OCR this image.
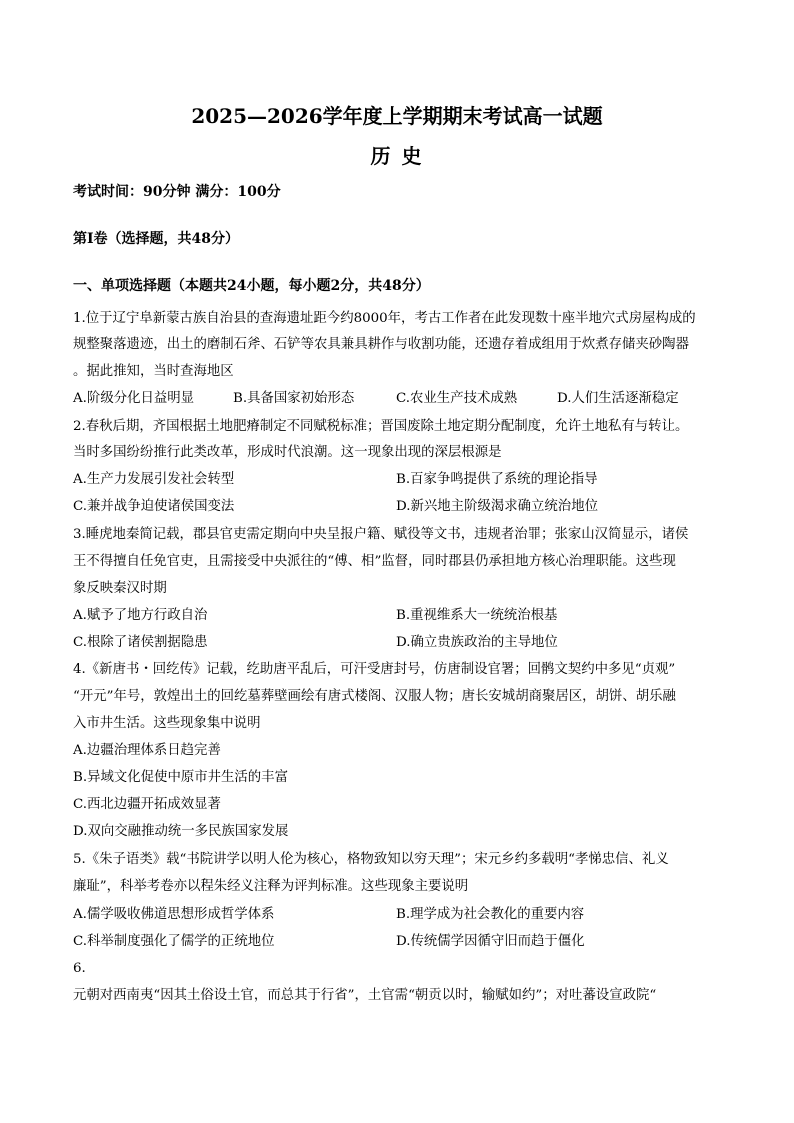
2025—2026学年度上学期期末考试高一试题
历 史
考试时间：90分钟 满分：100分
第Ⅰ卷（选择题，共48分）
一、单项选择题（本题共24小题，每小题2分，共48分）
1.位于辽宁阜新蒙古族自治县的查海遗址距今约8000年，考古工作者在此发现数十座半地穴式房屋构成的
规整聚落遗迹，出土的磨制石斧、石铲等农具兼具耕作与收割功能，还遗存着成组用于炊煮存储夹砂陶器
。据此推知，当时查海地区
A.阶级分化日益明显	B.具备国家初始形态	C.农业生产技术成熟	D.人们生活逐渐稳定
2.春秋后期，齐国根据土地肥瘠制定不同赋税标准；晋国废除土地定期分配制度，允许土地私有与转让。
当时多国纷纷推行此类改革，形成时代浪潮。这一现象出现的深层根源是
A.生产力发展引发社会转型	B.百家争鸣提供了系统的理论指导
C.兼并战争迫使诸侯国变法	D.新兴地主阶级渴求确立统治地位
3.睡虎地秦简记载，郡县官吏需定期向中央呈报户籍、赋役等文书，违规者治罪；张家山汉简显示，诸侯
王不得擅自任免官吏，且需接受中央派往的“傅、相”监督，同时郡县仍承担地方核心治理职能。这些现
象反映秦汉时期
A.赋予了地方行政自治	B.重视维系大一统统治根基
C.根除了诸侯割据隐患	D.确立贵族政治的主导地位
4.《新唐书・回纥传》记载，纥助唐平乱后，可汗受唐封号，仿唐制设官署；回鹘文契约中多见“贞观”
“开元”年号，敦煌出土的回纥墓葬壁画绘有唐式楼阁、汉服人物；唐长安城胡商聚居区，胡饼、胡乐融
入市井生活。这些现象集中说明
A.边疆治理体系日趋完善
B.异域文化促使中原市井生活的丰富
C.西北边疆开拓成效显著
D.双向交融推动统一多民族国家发展
5.《朱子语类》载“书院讲学以明人伦为核心，格物致知以穷天理”；宋元乡约多载明“孝悌忠信、礼义
廉耻”，科举考卷亦以程朱经义注释为评判标准。这些现象主要说明
A.儒学吸收佛道思想形成哲学体系	B.理学成为社会教化的重要内容
C.科举制度强化了儒学的正统地位	D.传统儒学因循守旧而趋于僵化
6.
元朝对西南夷“因其土俗设土官，而总其于行省”，土官需“朝贡以时，输赋如约”；对吐蕃设宣政院“
